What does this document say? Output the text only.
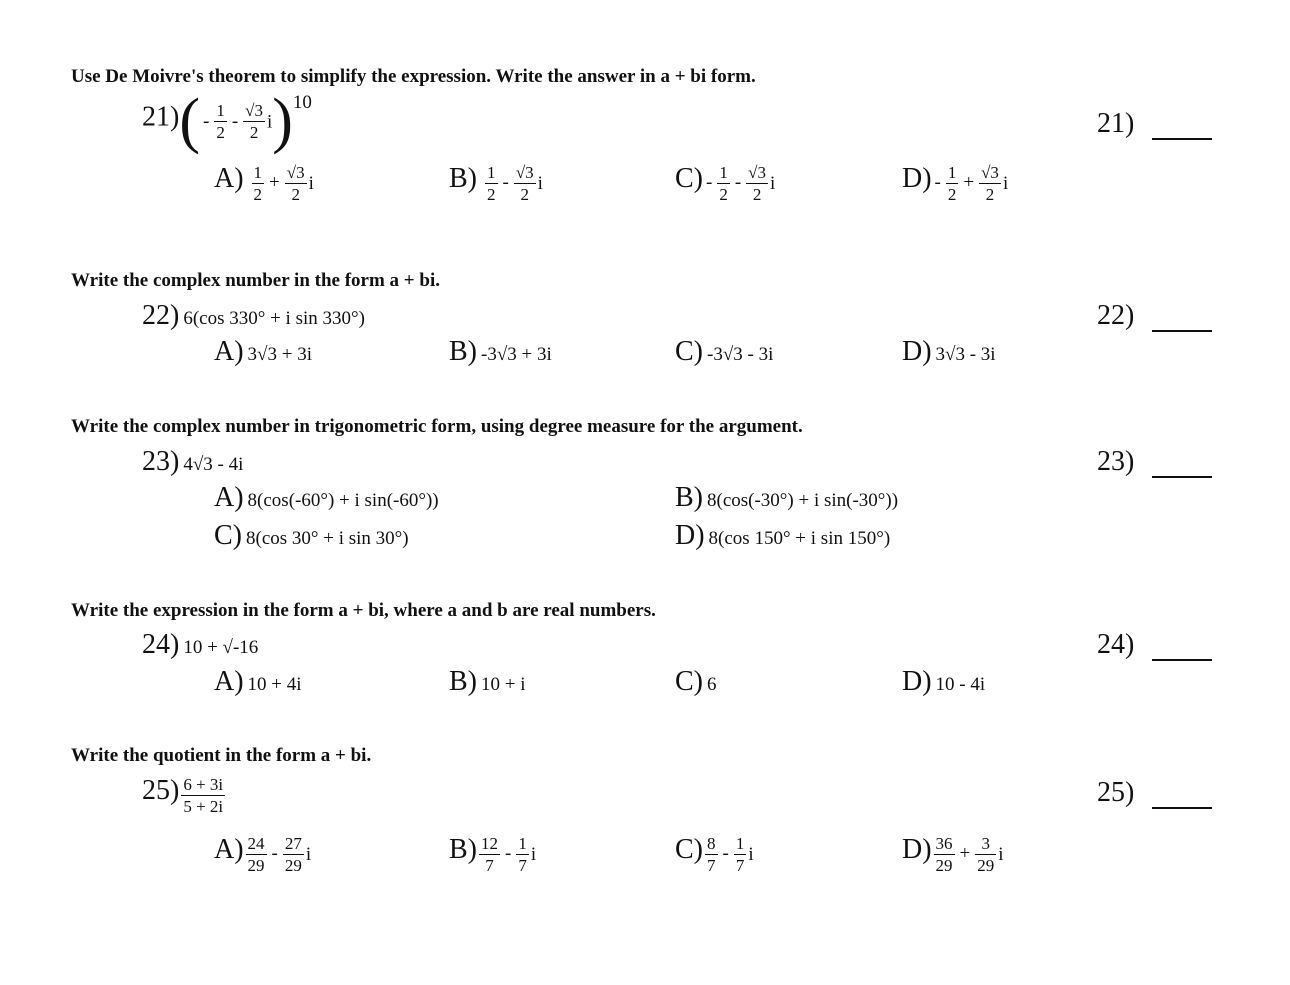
Use De Moivre's theorem to simplify the expression. Write the answer in a + bi form.
$21)( - \frac{1}{2} - \frac{√3}{2} i)10$
21)
$A) \frac{1}{2} + \frac{√3}{2}$ i	$B) \frac{1}{2} - \frac{√3}{2}$ i	$C) - \frac{1}{2} - \frac{√3}{2}$ i	$D) - \frac{1}{2} + \frac{√3}{2}$ i
Write the complex number in the form a + bi.
22) 6(cos 330° + i sin 330°)	22)
A) 3√3 + 3i	B) -3√3 + 3i	C) -3√3 - 3i	D) 3√3 - 3i
Write the complex number in trigonometric form, using degree measure for the argument.
23) 4√3 - 4i	23)
A) 8(cos(-60°) + i sin(-60°))	B) 8(cos(-30°) + i sin(-30°))
C) 8(cos 30° + i sin 30°)	D) 8(cos 150° + i sin 150°)
Write the expression in the form a + bi, where a and b are real numbers.
24) 10 + √-16	24)
A) 10 + 4i	B) 10 + i	C) 6	D) 10 - 4i
Write the quotient in the form a + bi.
$25) \frac{6 + 3i}{5 + 2i}$	25)
$A) \frac{24}{29} - \frac{27}{29}$ i	$B) \frac{12}{7} - \frac{1}{7}$ i	$C) \frac{8}{7} - \frac{1}{7}$ i	$D) \frac{36}{29} + \frac{3}{29}$ i
